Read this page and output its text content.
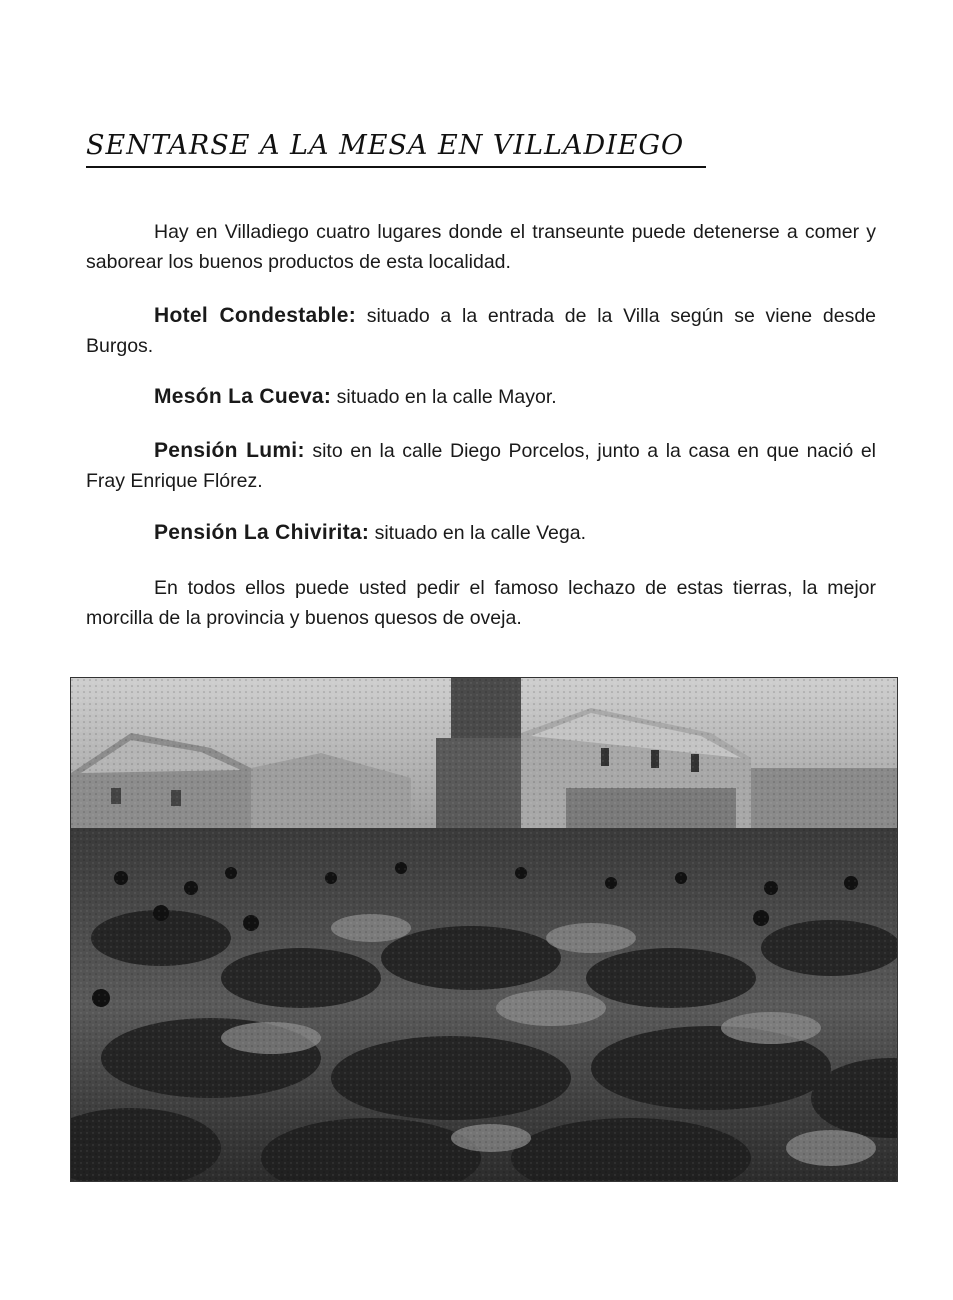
SENTARSE A LA MESA EN VILLADIEGO

Hay en Villadiego cuatro lugares donde el transeunte puede detenerse a comer y saborear los buenos productos de esta localidad.

Hotel Condestable: situado a la entrada de la Villa según se viene desde Burgos.

Mesón La Cueva: situado en la calle Mayor.

Pensión Lumi: sito en la calle Diego Porcelos, junto a la casa en que nació el Fray Enrique Flórez.

Pensión La Chivirita: situado en la calle Vega.

En todos ellos puede usted pedir el famoso lechazo de estas tierras, la mejor morcilla de la provincia y buenos quesos de oveja.
